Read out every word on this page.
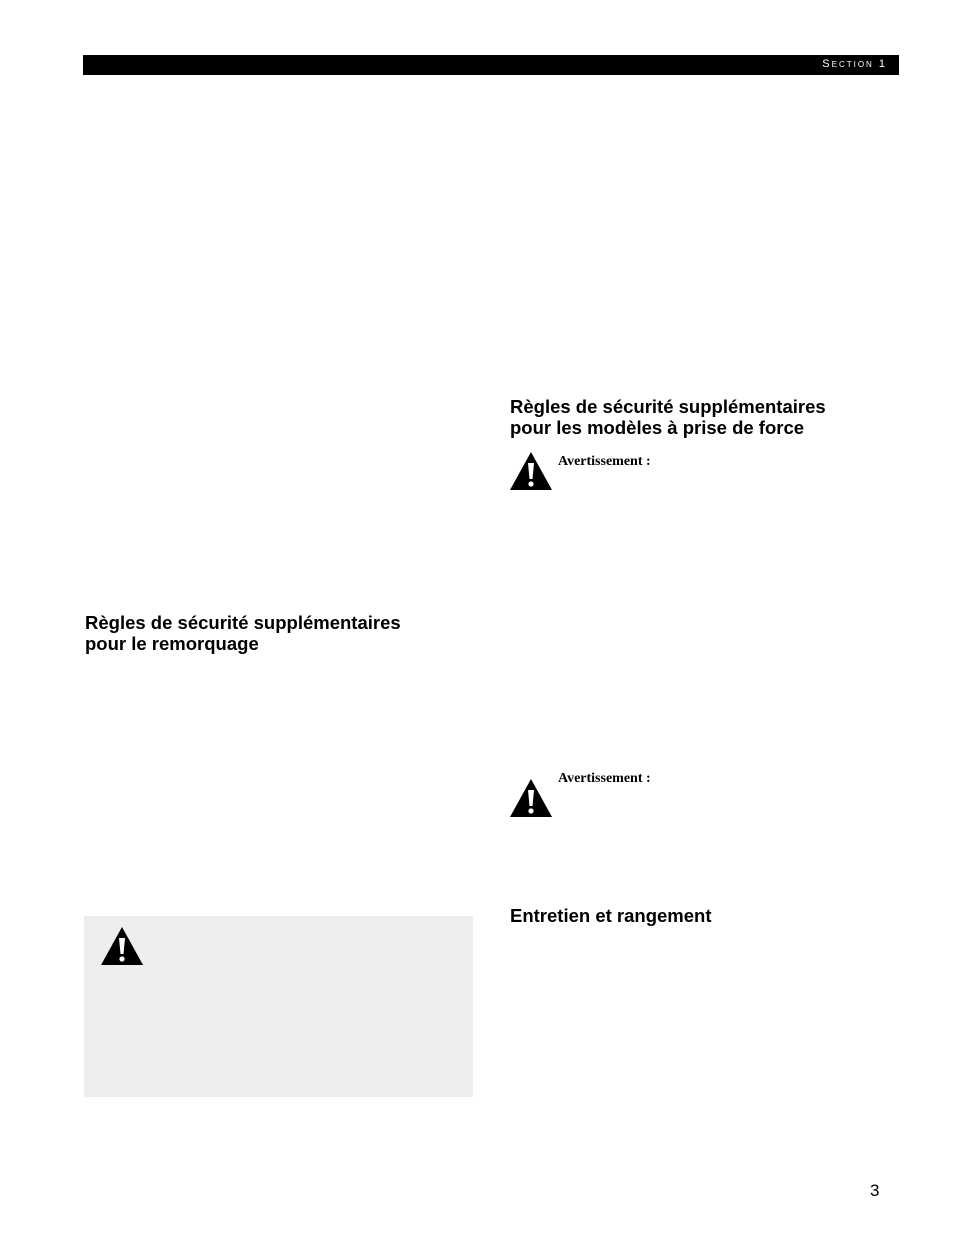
Section 1
Règles de sécurité supplémentaires
pour les modèles à prise de force
Avertissement :
Avertissement :
Entretien et rangement
Règles de sécurité supplémentaires
pour le remorquage
3
